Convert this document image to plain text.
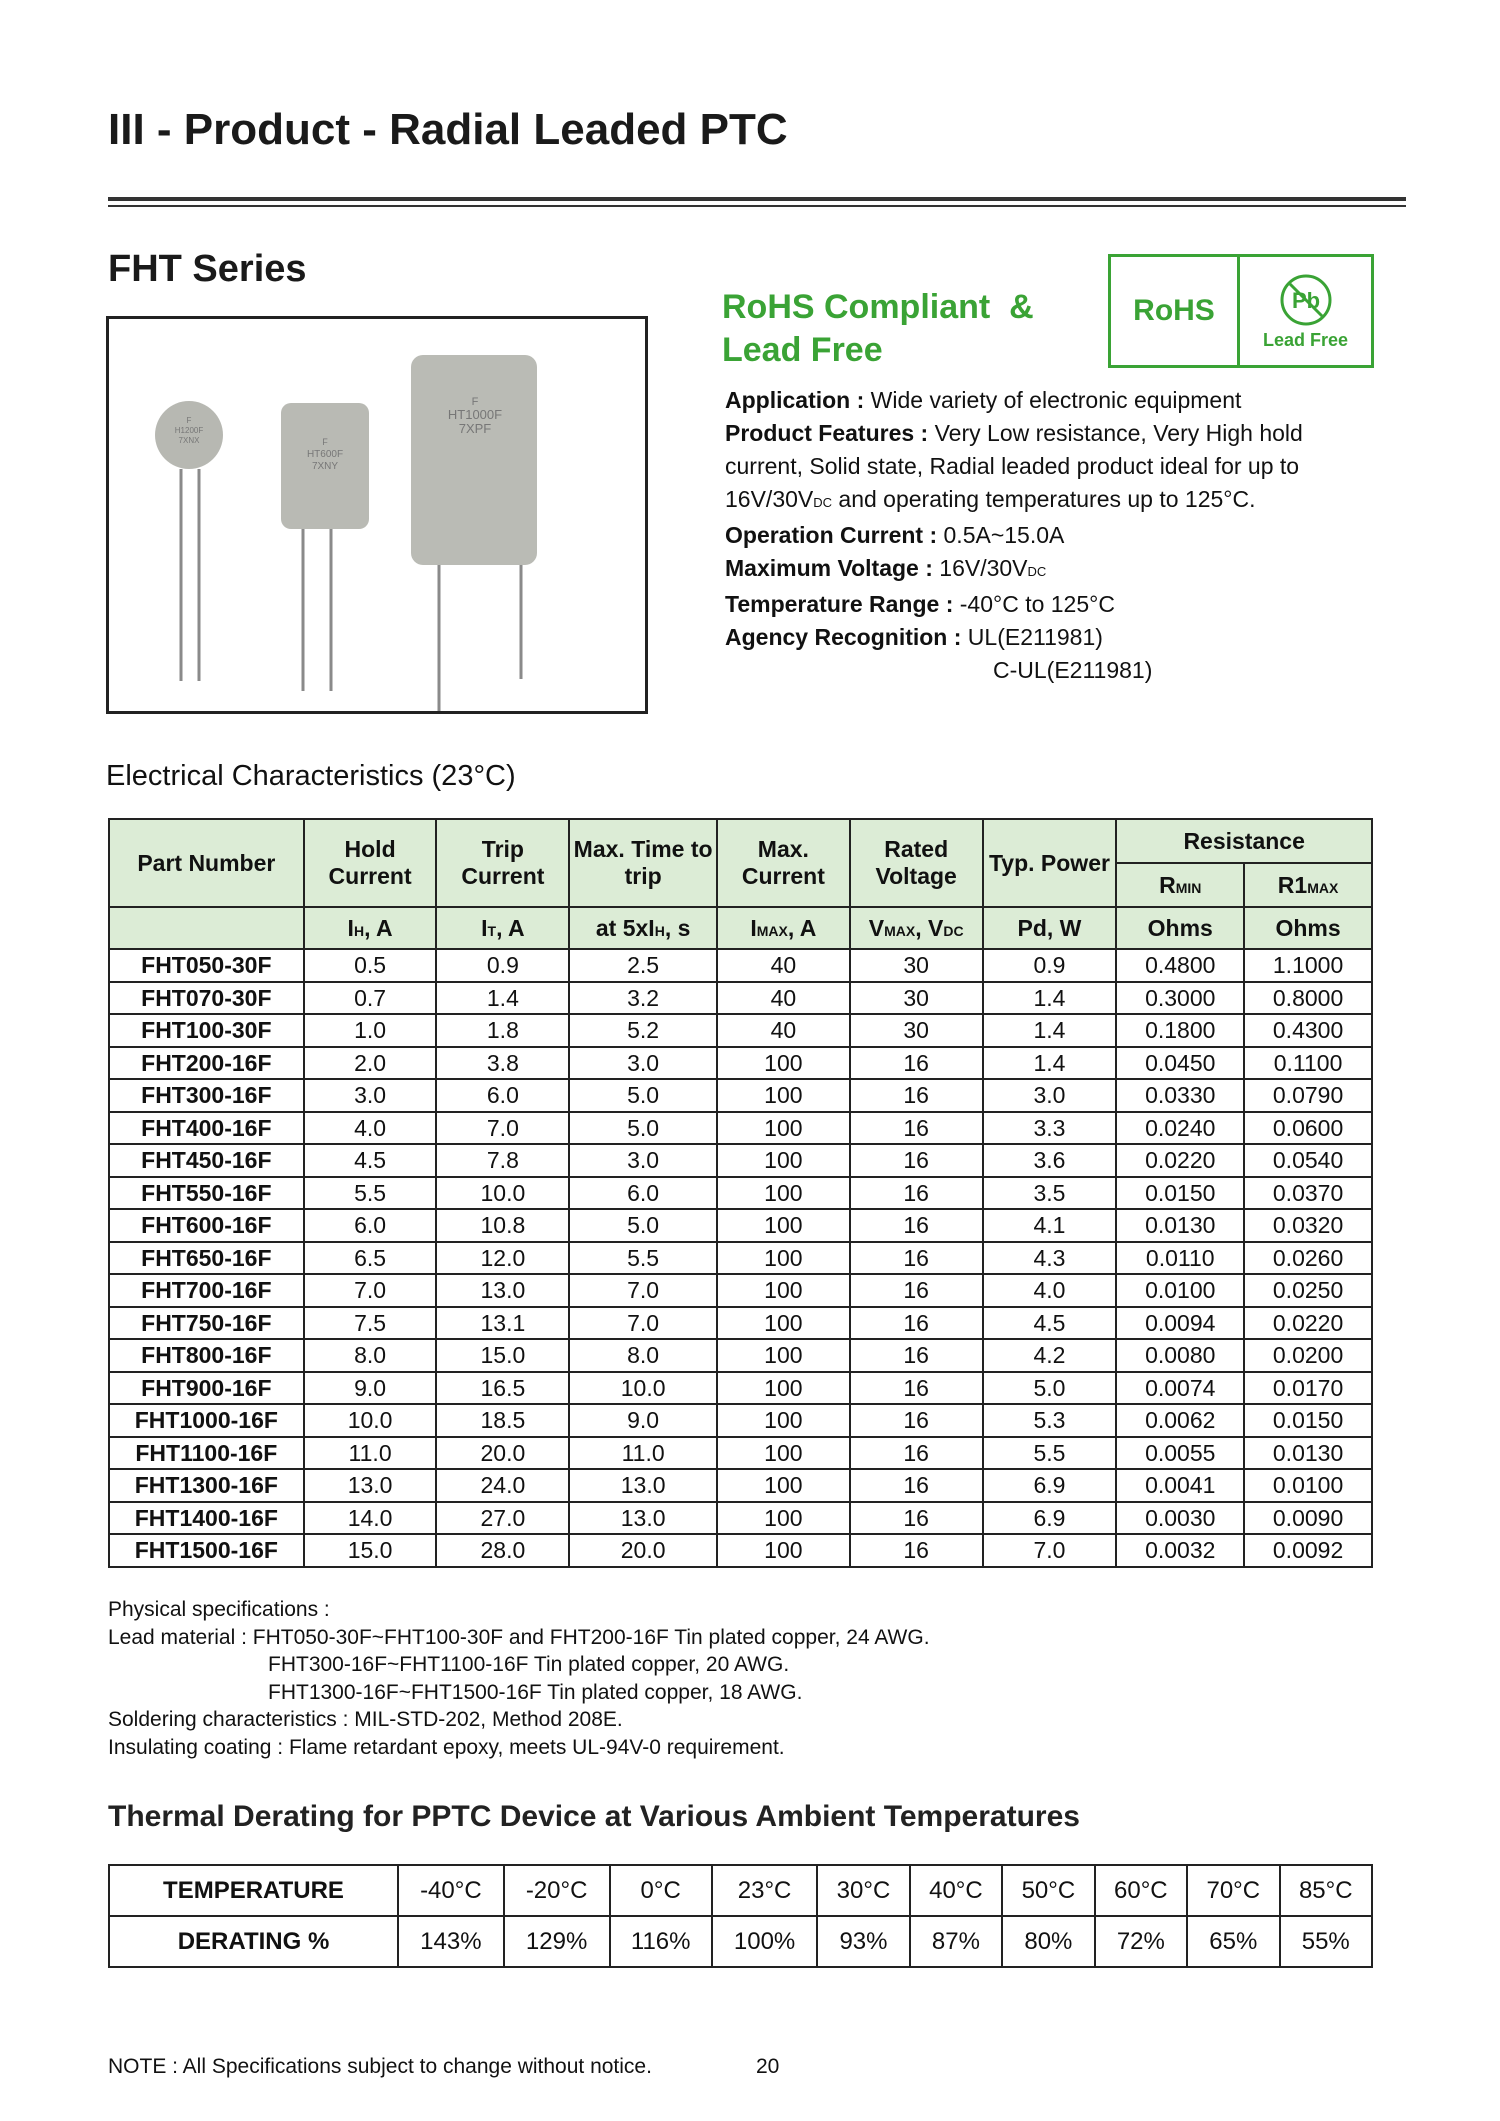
III - Product - Radial Leaded PTC
FHT Series
F
H1200F
7XNX	F
HT600F
7XNY
F
HT1000F
7XPF
RoHS Compliant  &
Lead Free
RoHS	Pb
Lead Free
Application : Wide variety of electronic equipment
Product Features : Very Low resistance, Very High hold current, Solid state, Radial leaded product ideal for up to 16V/30VDC and operating temperatures up to 125°C.
Operation Current : 0.5A~15.0A
Maximum Voltage : 16V/30VDC
Temperature Range : -40°C to 125°C
Agency Recognition : UL(E211981)
C-UL(E211981)
Electrical Characteristics (23°C)
Part Number	Hold Current	Trip Current	Max. Time to trip	Max. Current	Rated Voltage	Typ. Power	Resistance	
							RMIN	R1MAX
	IH, A	IT, A	at 5xIH, s	IMAX, A	VMAX, VDC	Pd, W	Ohms	Ohms
FHT050-30F	0.5	0.9	2.5	40	30	0.9	0.4800	1.1000
FHT070-30F	0.7	1.4	3.2	40	30	1.4	0.3000	0.8000
FHT100-30F	1.0	1.8	5.2	40	30	1.4	0.1800	0.4300
FHT200-16F	2.0	3.8	3.0	100	16	1.4	0.0450	0.1100
FHT300-16F	3.0	6.0	5.0	100	16	3.0	0.0330	0.0790
FHT400-16F	4.0	7.0	5.0	100	16	3.3	0.0240	0.0600
FHT450-16F	4.5	7.8	3.0	100	16	3.6	0.0220	0.0540
FHT550-16F	5.5	10.0	6.0	100	16	3.5	0.0150	0.0370
FHT600-16F	6.0	10.8	5.0	100	16	4.1	0.0130	0.0320
FHT650-16F	6.5	12.0	5.5	100	16	4.3	0.0110	0.0260
FHT700-16F	7.0	13.0	7.0	100	16	4.0	0.0100	0.0250
FHT750-16F	7.5	13.1	7.0	100	16	4.5	0.0094	0.0220
FHT800-16F	8.0	15.0	8.0	100	16	4.2	0.0080	0.0200
FHT900-16F	9.0	16.5	10.0	100	16	5.0	0.0074	0.0170
FHT1000-16F	10.0	18.5	9.0	100	16	5.3	0.0062	0.0150
FHT1100-16F	11.0	20.0	11.0	100	16	5.5	0.0055	0.0130
FHT1300-16F	13.0	24.0	13.0	100	16	6.9	0.0041	0.0100
FHT1400-16F	14.0	27.0	13.0	100	16	6.9	0.0030	0.0090
FHT1500-16F	15.0	28.0	20.0	100	16	7.0	0.0032	0.0092
Physical specifications :
Lead material : FHT050-30F~FHT100-30F and FHT200-16F Tin plated copper, 24 AWG.
FHT300-16F~FHT1100-16F Tin plated copper, 20 AWG.
FHT1300-16F~FHT1500-16F Tin plated copper, 18 AWG.
Soldering characteristics : MIL-STD-202, Method 208E.
Insulating coating : Flame retardant epoxy, meets UL-94V-0 requirement.
Thermal Derating for PPTC Device at Various Ambient Temperatures
TEMPERATURE	-40°C	-20°C	0°C	23°C	30°C	40°C	50°C	60°C	70°C	85°C
DERATING %	143%	129%	116%	100%	93%	87%	80%	72%	65%	55%
NOTE : All Specifications subject to change without notice.	20
